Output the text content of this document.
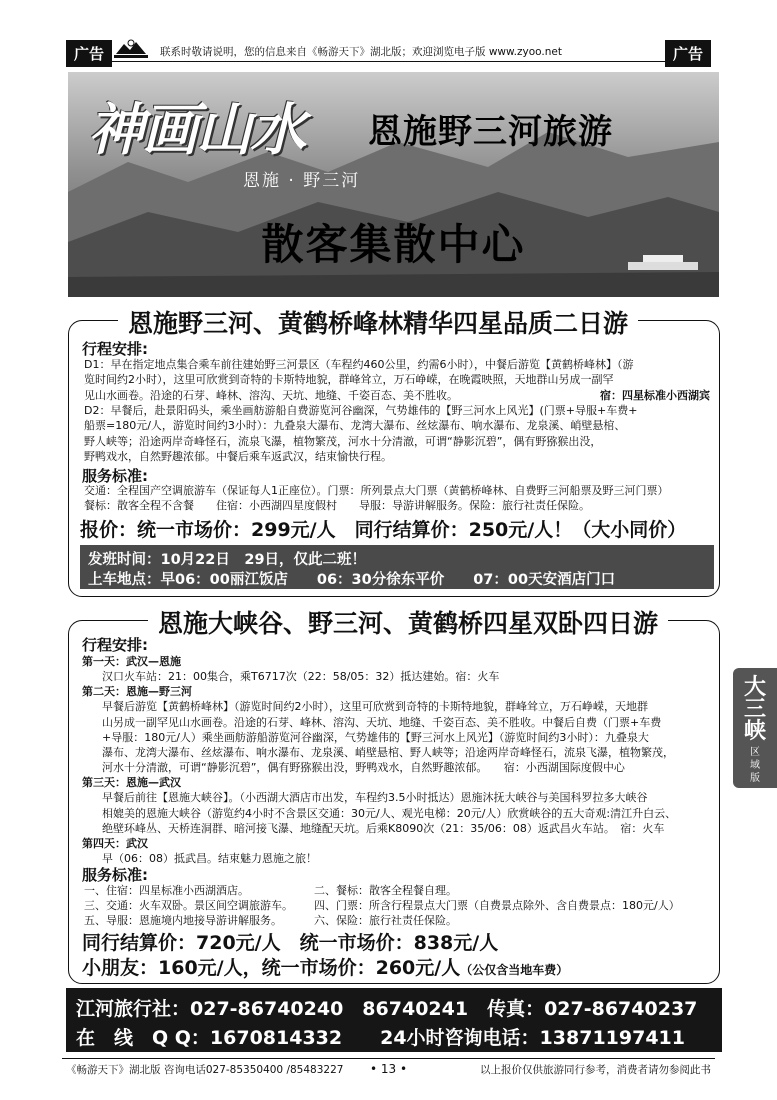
广告	联系时敬请说明，您的信息来自《畅游天下》湖北版；欢迎浏览电子版 www.zyoo.net	广告
神画山水
恩施 · 野三河
恩施野三河旅游
散客集散中心
恩施野三河、黄鹤桥峰林精华四星品质二日游
行程安排:
D1：早在指定地点集合乘车前往建始野三河景区（车程约460公里，约需6小时），中餐后游览【黄鹤桥峰林】（游
览时间约2小时），这里可欣赏到奇特的卡斯特地貌，群峰耸立，万石峥嵘，在晚霞映照，天地群山另成一副罕
见山水画卷。沿途的石芽、峰林、溶沟、天坑、地缝、千姿百态、美不胜收。	宿：四星标准小西湖宾
D2：早餐后，赴景阳码头，乘坐画舫游船自费游览河谷幽深，气势雄伟的【野三河水上风光】(门票+导服+车费+
船票=180元/人，游览时间约3小时）：九叠泉大瀑布、龙湾大瀑布、丝炫瀑布、响水瀑布、龙泉溪、峭壁悬棺、
野人峡等；沿途两岸奇峰怪石，流泉飞瀑，植物繁茂，河水十分清澈，可谓“静影沉碧”，偶有野猕猴出没，
野鸭戏水，自然野趣浓郁。中餐后乘车返武汉，结束愉快行程。
服务标准:
交通：全程国产空调旅游车（保证每人1正座位）。门票：所列景点大门票（黄鹤桥峰林、自费野三河船票及野三河门票）
餐标：散客全程不含餐　　住宿：小西湖四星度假村　　导服：导游讲解服务。保险：旅行社责任保险。
报价：统一市场价：299元/人　同行结算价：250元/人！（大小同价）
发班时间：10月22日　29日，仅此二班！
上车地点：早06：00丽江饭店　　06：30分徐东平价　　07：00天安酒店门口
恩施大峡谷、野三河、黄鹤桥四星双卧四日游
行程安排:
第一天：武汉—恩施
汉口火车站：21：00集合，乘T6717次（22：58/05：32）抵达建始。宿：火车
第二天：恩施—野三河
早餐后游览【黄鹤桥峰林】（游览时间约2小时），这里可欣赏到奇特的卡斯特地貌，群峰耸立，万石峥嵘，天地群
山另成一副罕见山水画卷。沿途的石芽、峰林、溶沟、天坑、地缝、千姿百态、美不胜收。中餐后自费（门票+车费
+导服：180元/人）乘坐画舫游船游览河谷幽深，气势雄伟的【野三河水上风光】（游览时间约3小时）：九叠泉大
瀑布、龙湾大瀑布、丝炫瀑布、响水瀑布、龙泉溪、峭壁悬棺、野人峡等；沿途两岸奇峰怪石，流泉飞瀑，植物繁茂，
河水十分清澈，可谓“静影沉碧”，偶有野猕猴出没，野鸭戏水，自然野趣浓郁。　　宿：小西湖国际度假中心
第三天：恩施—武汉
早餐后前往【恩施大峡谷】。（小西湖大酒店市出发，车程约3.5小时抵达）恩施沐抚大峡谷与美国科罗拉多大峡谷
相媲美的恩施大峡谷（游览约4小时不含景区交通：30元/人、观光电梯：20元/人）欣赏峡谷的五大奇观:清江升白云、
绝壁环峰丛、天桥连洞群、暗河接飞瀑、地缝配天坑。后乘K8090次（21：35/06：08）返武昌火车站。　宿：火车
第四天：武汉
早（06：08）抵武昌。结束魅力恩施之旅！
服务标准:
一、住宿：四星标准小西湖酒店。	二、餐标：散客全程餐自理。
三、交通：火车双卧。景区间空调旅游车。 四、门票：所含行程景点大门票（自费景点除外、含自费景点：180元/人）
五、导服：恩施境内地接导游讲解服务。	六、保险：旅行社责任保险。
同行结算价：720元/人　统一市场价：838元/人
小朋友：160元/人，统一市场价：260元/人（公仅含当地车费）
大三峡
区域版
江河旅行社：027-86740240　86740241　传真：027-86740237
在　线　Q Q：1670814332　　24小时咨询电话：13871197411
《畅游天下》湖北版 咨询电话027-85350400 /85483227 • 13 •	以上报价仅供旅游同行参考，消费者请勿参阅此书
